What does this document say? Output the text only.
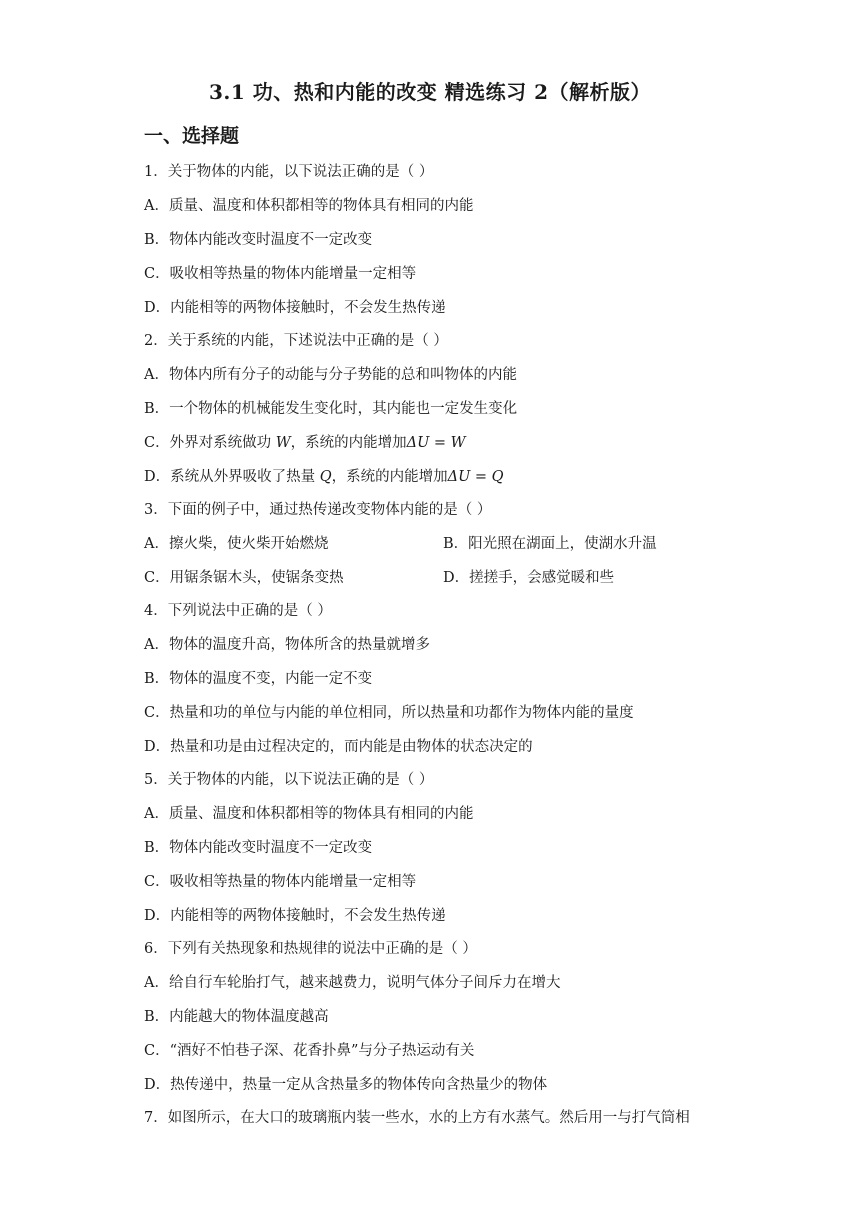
3.1 功、热和内能的改变 精选练习 2（解析版）
一、选择题
1．关于物体的内能，以下说法正确的是（ ）
A．质量、温度和体积都相等的物体具有相同的内能
B．物体内能改变时温度不一定改变
C．吸收相等热量的物体内能增量一定相等
D．内能相等的两物体接触时，不会发生热传递
2．关于系统的内能，下述说法中正确的是（ ）
A．物体内所有分子的动能与分子势能的总和叫物体的内能
B．一个物体的机械能发生变化时，其内能也一定发生变化
C．外界对系统做功 W，系统的内能增加ΔU = W
D．系统从外界吸收了热量 Q，系统的内能增加ΔU = Q
3．下面的例子中，通过热传递改变物体内能的是（ ）
A．擦火柴，使火柴开始燃烧	B．阳光照在湖面上，使湖水升温
C．用锯条锯木头，使锯条变热	D．搓搓手，会感觉暖和些
4．下列说法中正确的是（ ）
A．物体的温度升高，物体所含的热量就增多
B．物体的温度不变，内能一定不变
C．热量和功的单位与内能的单位相同，所以热量和功都作为物体内能的量度
D．热量和功是由过程决定的，而内能是由物体的状态决定的
5．关于物体的内能，以下说法正确的是（ ）
A．质量、温度和体积都相等的物体具有相同的内能
B．物体内能改变时温度不一定改变
C．吸收相等热量的物体内能增量一定相等
D．内能相等的两物体接触时，不会发生热传递
6．下列有关热现象和热规律的说法中正确的是（ ）
A．给自行车轮胎打气，越来越费力，说明气体分子间斥力在增大
B．内能越大的物体温度越高
C．“酒好不怕巷子深、花香扑鼻”与分子热运动有关
D．热传递中，热量一定从含热量多的物体传向含热量少的物体
7．如图所示，在大口的玻璃瓶内装一些水，水的上方有水蒸气。然后用一与打气筒相
